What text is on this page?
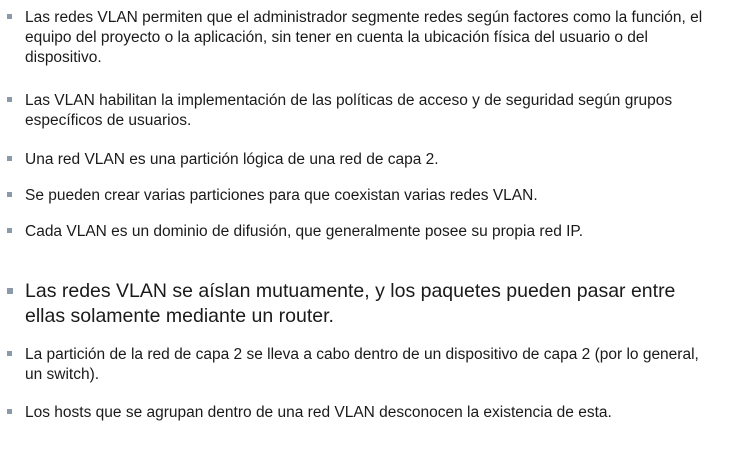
Las redes VLAN permiten que el administrador segmente redes según factores como la función, el equipo del proyecto o la aplicación, sin tener en cuenta la ubicación física del usuario o del dispositivo.
Las VLAN habilitan la implementación de las políticas de acceso y de seguridad según grupos específicos de usuarios.
Una red VLAN es una partición lógica de una red de capa 2.
Se pueden crear varias particiones para que coexistan varias redes VLAN.
Cada VLAN es un dominio de difusión, que generalmente posee su propia red IP.
Las redes VLAN se aíslan mutuamente, y los paquetes pueden pasar entre ellas solamente mediante un router.
La partición de la red de capa 2 se lleva a cabo dentro de un dispositivo de capa 2 (por lo general, un switch).
Los hosts que se agrupan dentro de una red VLAN desconocen la existencia de esta.
